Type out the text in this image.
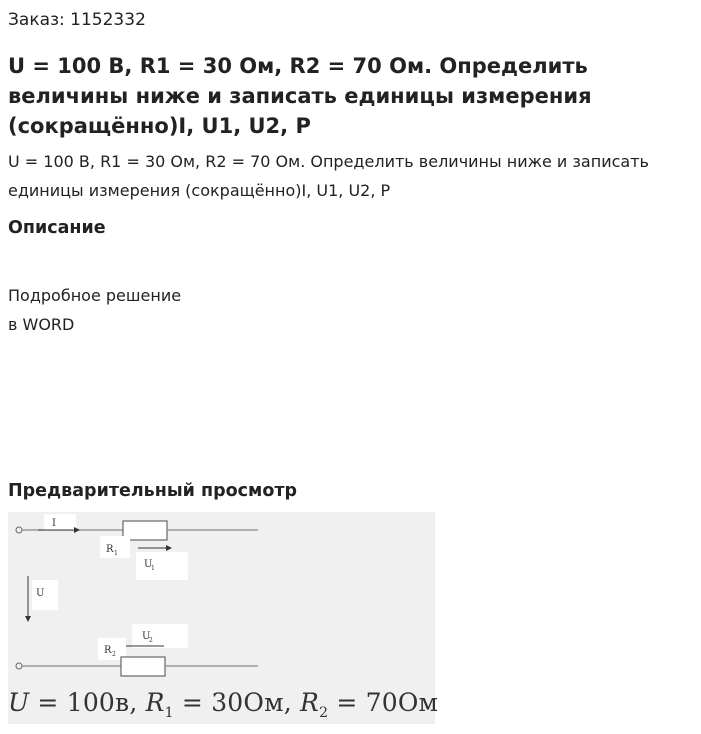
Заказ: 1152332
U = 100 В, R1 = 30 Ом, R2 = 70 Ом. Определить величины ниже и записать единицы измерения (сокращённо)I, U1, U2, P
U = 100 В, R1 = 30 Ом, R2 = 70 Ом. Определить величины ниже и записать единицы измерения (сокращённо)I, U1, U2, P
Описание
Подробное решение
в WORD
Предварительный просмотр
I
R 1
U
1
U
U
2
R 2
U = 100в, $R_1 = 30Ом$, $R_2 = 70Ом$
